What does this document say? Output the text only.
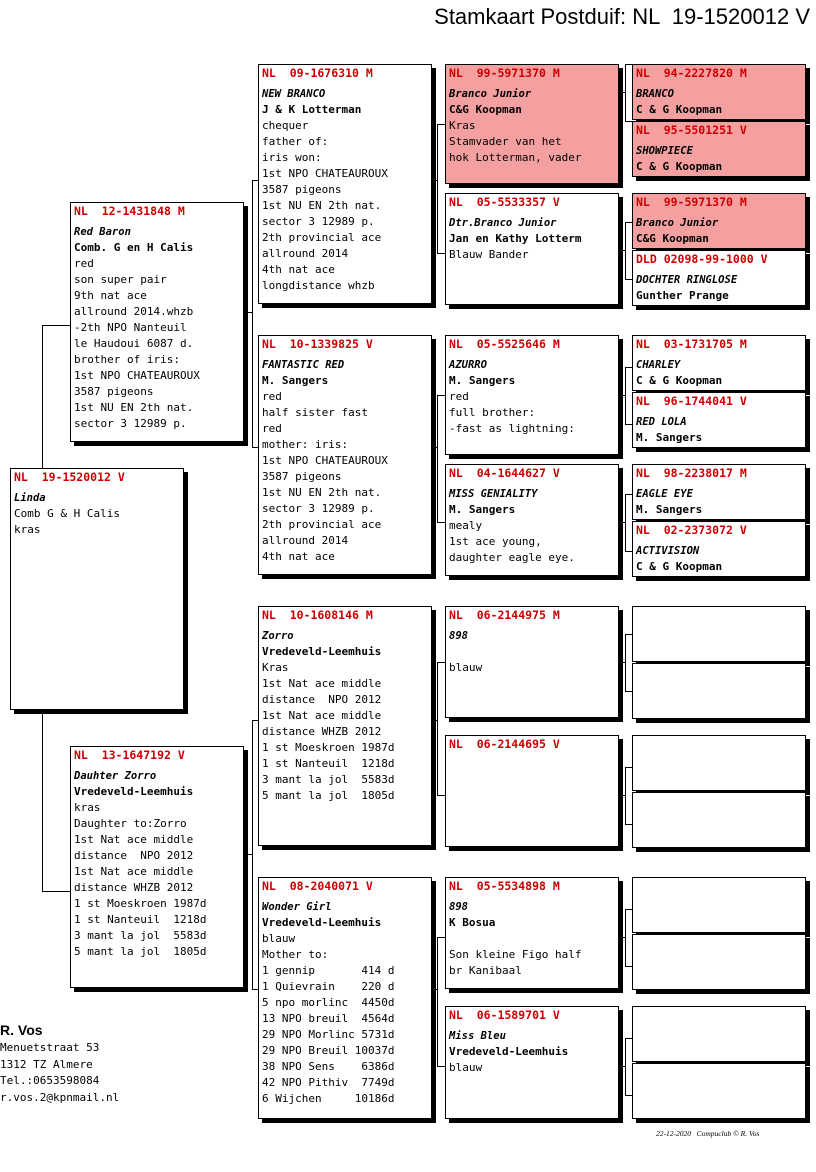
Stamkaart Postduif: NL  19-1520012 V
NL  19-1520012 V
Linda
Comb G & H Calis
kras
NL  12-1431848 M
Red Baron
Comb. G en H Calis
red
son super pair
9th nat ace
allround 2014.whzb
-2th NPO Nanteuil
le Haudoui 6087 d.
brother of iris:
1st NPO CHATEAUROUX
3587 pigeons
1st NU EN 2th nat.
sector 3 12989 p.
NL  13-1647192 V
Dauhter Zorro
Vredeveld-Leemhuis
kras
Daughter to:Zorro
1st Nat ace middle
distance  NPO 2012
1st Nat ace middle
distance WHZB 2012
1 st Moeskroen 1987d
1 st Nanteuil  1218d
3 mant la jol  5583d
5 mant la jol  1805d
NL  09-1676310 M
NEW BRANCO
J & K Lotterman
chequer
father of:
iris won:
1st NPO CHATEAUROUX
3587 pigeons
1st NU EN 2th nat.
sector 3 12989 p.
2th provincial ace
allround 2014
4th nat ace
longdistance whzb
NL  10-1339825 V
FANTASTIC RED
M. Sangers
red
half sister fast
red
mother: iris:
1st NPO CHATEAUROUX
3587 pigeons
1st NU EN 2th nat.
sector 3 12989 p.
2th provincial ace
allround 2014
4th nat ace
NL  10-1608146 M
Zorro
Vredeveld-Leemhuis
Kras
1st Nat ace middle
distance  NPO 2012
1st Nat ace middle
distance WHZB 2012
1 st Moeskroen 1987d
1 st Nanteuil  1218d
3 mant la jol  5583d
5 mant la jol  1805d
NL  08-2040071 V
Wonder Girl
Vredeveld-Leemhuis
blauw
Mother to:
1 gennip       414 d
1 Quievrain    220 d
5 npo morlinc  4450d
13 NPO breuil  4564d
29 NPO Morlinc 5731d
29 NPO Breuil 10037d
38 NPO Sens    6386d
42 NPO Pithiv  7749d
6 Wijchen     10186d
NL  99-5971370 M
Branco Junior
C&G Koopman
Kras
Stamvader van het
hok Lotterman, vader
NL  05-5533357 V
Dtr.Branco Junior
Jan en Kathy Lotterm
Blauw Bander
NL  05-5525646 M
AZURRO
M. Sangers
red
full brother:
-fast as lightning:
NL  04-1644627 V
MISS GENIALITY
M. Sangers
mealy
1st ace young,
daughter eagle eye.
NL  06-2144975 M
898

blauw
NL  06-2144695 V
NL  05-5534898 M
898
K Bosua

Son kleine Figo half
br Kanibaal
NL  06-1589701 V
Miss Bleu
Vredeveld-Leemhuis
blauw
NL  94-2227820 M
BRANCO
C & G Koopman
NL  95-5501251 V
SHOWPIECE
C & G Koopman
NL  99-5971370 M
Branco Junior
C&G Koopman
DLD 02098-99-1000 V
DOCHTER RINGLOSE
Gunther Prange
NL  03-1731705 M
CHARLEY
C & G Koopman
NL  96-1744041 V
RED LOLA
M. Sangers
NL  98-2238017 M
EAGLE EYE
M. Sangers
NL  02-2373072 V
ACTIVISION
C & G Koopman
R. Vos
Menuetstraat 53
1312 TZ Almere
Tel.:0653598084
r.vos.2@kpnmail.nl
22-12-2020 Compuclub © R. Vos
